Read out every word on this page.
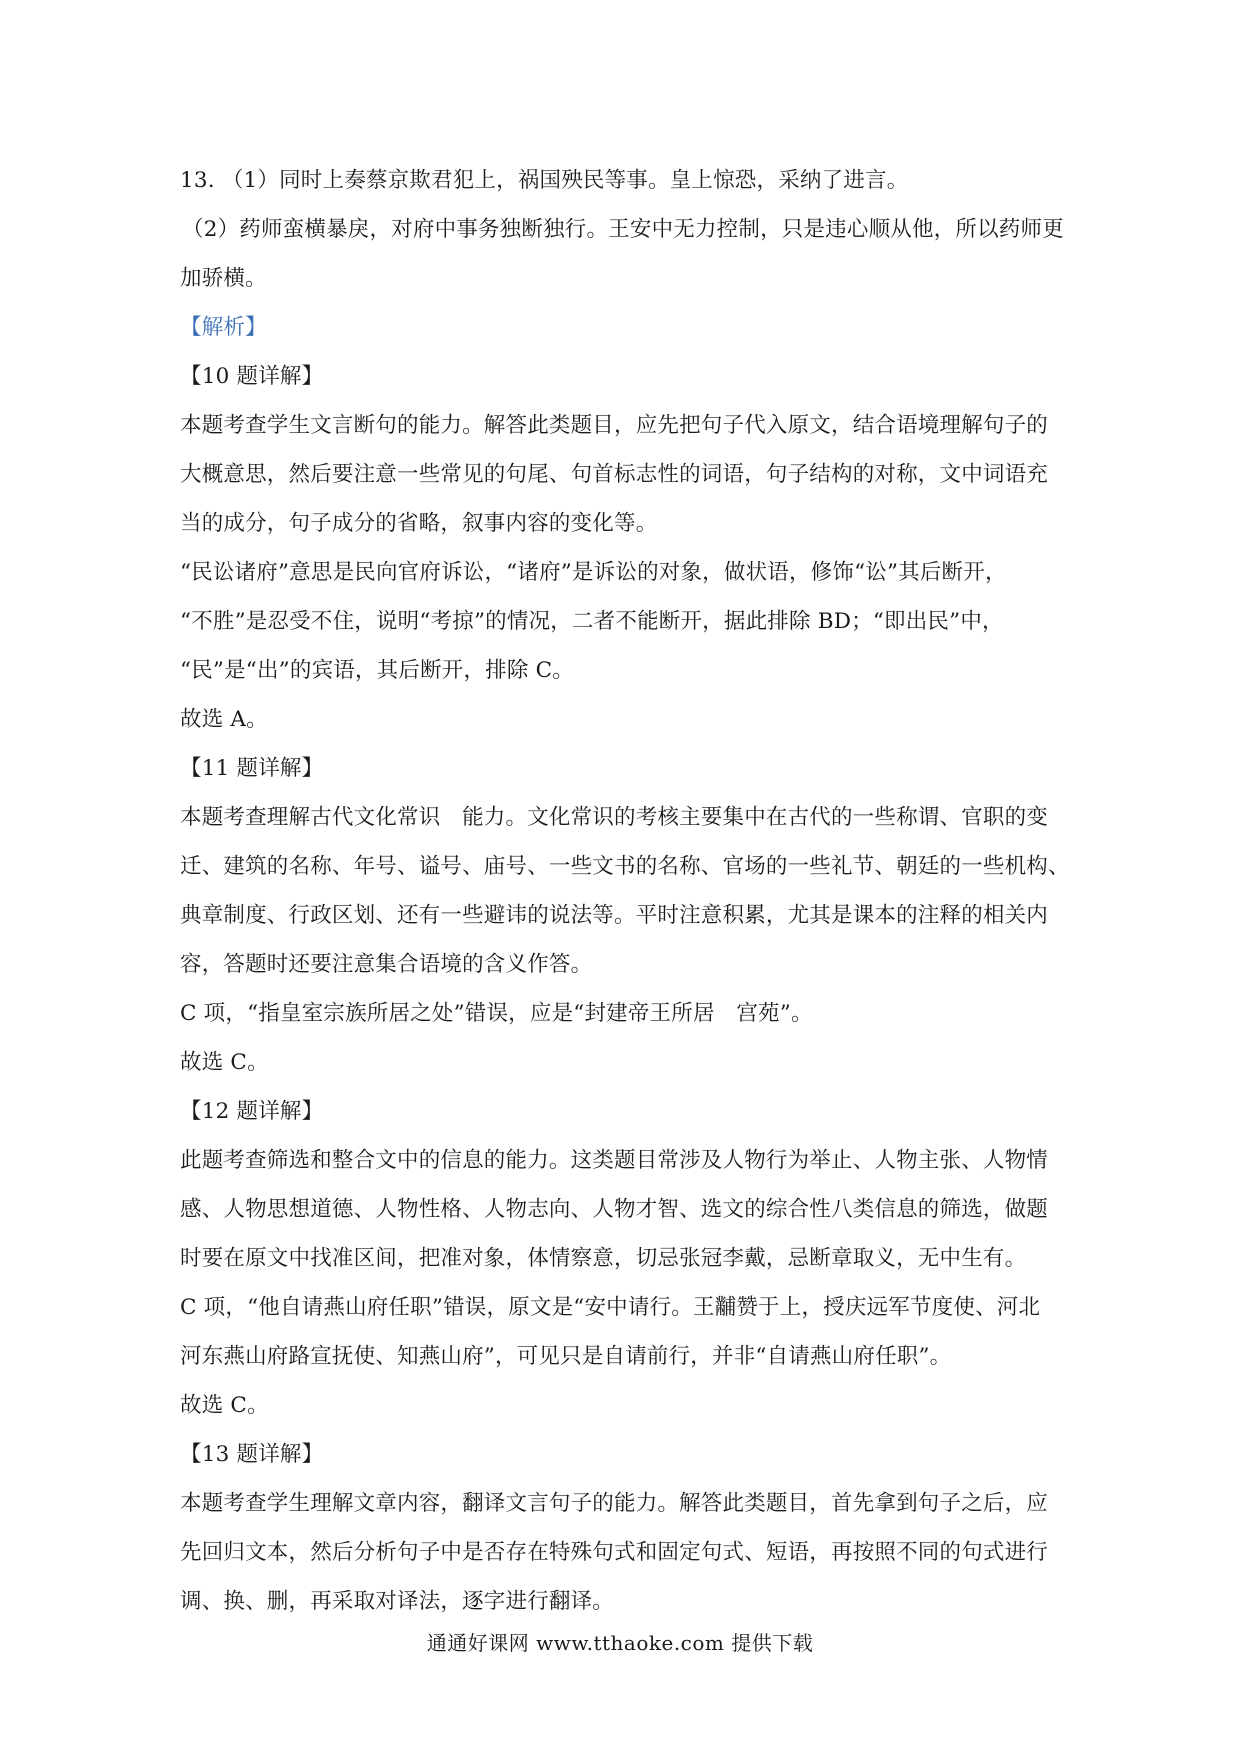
13. （1）同时上奏蔡京欺君犯上，祸国殃民等事。皇上惊恐，采纳了进言。
（2）药师蛮横暴戾，对府中事务独断独行。王安中无力控制，只是违心顺从他，所以药师更
加骄横。
【解析】
【10 题详解】
本题考查学生文言断句的能力。解答此类题目，应先把句子代入原文，结合语境理解句子的
大概意思，然后要注意一些常见的句尾、句首标志性的词语，句子结构的对称，文中词语充
当的成分，句子成分的省略，叙事内容的变化等。
“民讼诸府”意思是民向官府诉讼，“诸府”是诉讼的对象，做状语，修饰“讼”其后断开，
“不胜”是忍受不住，说明“考掠”的情况，二者不能断开，据此排除 BD；“即出民”中，
“民”是“出”的宾语，其后断开，排除 C。
故选 A。
【11 题详解】
本题考查理解古代文化常识　能力。文化常识的考核主要集中在古代的一些称谓、官职的变
迁、建筑的名称、年号、谥号、庙号、一些文书的名称、官场的一些礼节、朝廷的一些机构、
典章制度、行政区划、还有一些避讳的说法等。平时注意积累，尤其是课本的注释的相关内
容，答题时还要注意集合语境的含义作答。
C 项，“指皇室宗族所居之处”错误，应是“封建帝王所居　宫苑”。
故选 C。
【12 题详解】
此题考查筛选和整合文中的信息的能力。这类题目常涉及人物行为举止、人物主张、人物情
感、人物思想道德、人物性格、人物志向、人物才智、选文的综合性八类信息的筛选，做题
时要在原文中找准区间，把准对象，体情察意，切忌张冠李戴，忌断章取义，无中生有。
C 项，“他自请燕山府任职”错误，原文是“安中请行。王黼赞于上，授庆远军节度使、河北
河东燕山府路宣抚使、知燕山府”，可见只是自请前行，并非“自请燕山府任职”。
故选 C。
【13 题详解】
本题考查学生理解文章内容，翻译文言句子的能力。解答此类题目，首先拿到句子之后，应
先回归文本，然后分析句子中是否存在特殊句式和固定句式、短语，再按照不同的句式进行
调、换、删，再采取对译法，逐字进行翻译。
通通好课网 www.tthaoke.com 提供下载
